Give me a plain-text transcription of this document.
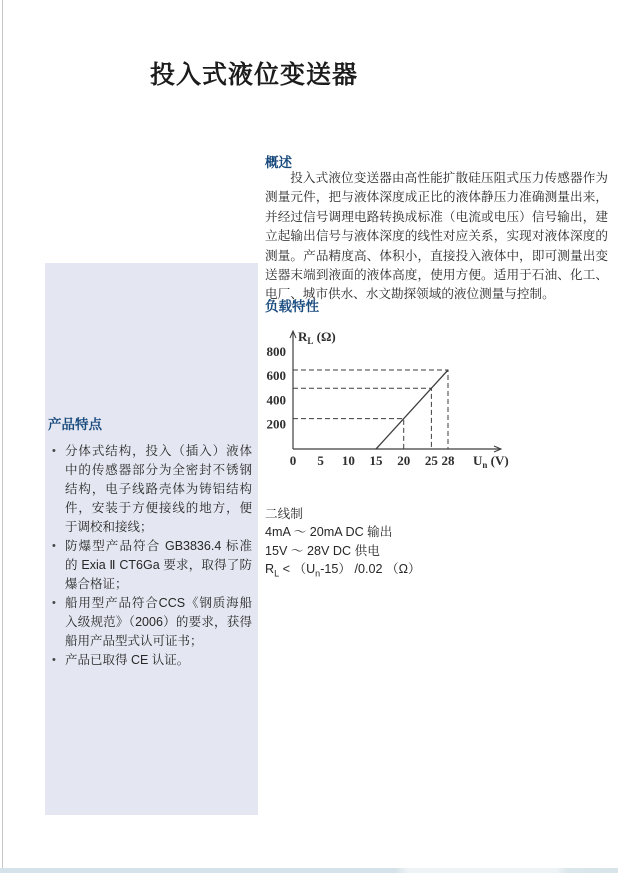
投入式液位变送器
产品特点
• 分体式结构，投入（插入）液体中的传感器部分为全密封不锈钢结构，电子线路壳体为铸铝结构件，安装于方便接线的地方，便于调校和接线；
• 防爆型产品符合 GB3836.4 标准的 Exia Ⅱ CT6Ga 要求，取得了防爆合格证；
• 船用型产品符合CCS《钢质海船入级规范》（2006）的要求，获得船用产品型式认可证书；
• 产品已取得 CE 认证。
概述

投入式液位变送器由高性能扩散硅压阻式压力传感器作为测量元件，把与液体深度成正比的液体静压力准确测量出来，并经过信号调理电路转换成标准（电流或电压）信号输出，建立起输出信号与液体深度的线性对应关系，实现对液体深度的测量。产品精度高、体积小，直接投入液体中，即可测量出变送器末端到液面的液体高度，使用方便。适用于石油、化工、电厂、城市供水、水文勘探领域的液位测量与控制。

负载特性
200
400
600
800
0 5 10 15 20 25 28
$R_L$ (Ω)
$U_n$ (V)
二线制
4mA ～ 20mA DC 输出
15V ～ 28V DC 供电
$R_L < (U_n-15)$ /0.02 （Ω）
